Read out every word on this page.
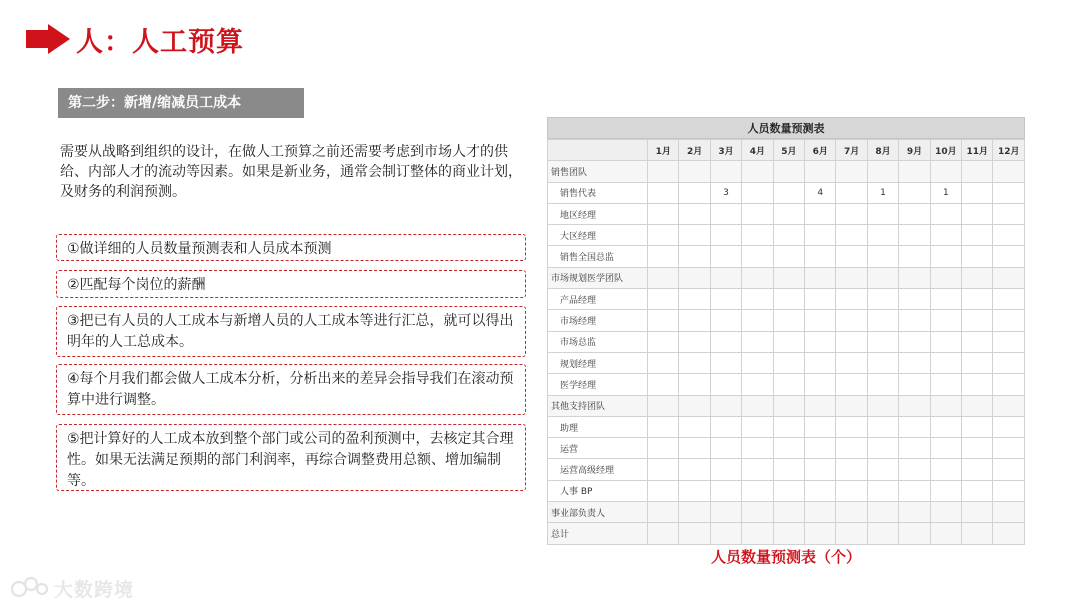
人：人工预算
第二步：新增/缩减员工成本
需要从战略到组织的设计，在做人工预算之前还需要考虑到市场人才的供给、内部人才的流动等因素。如果是新业务，通常会制订整体的商业计划，及财务的利润预测。
①做详细的人员数量预测表和人员成本预测
②匹配每个岗位的薪酬
③把已有人员的人工成本与新增人员的人工成本等进行汇总，就可以得出明年的人工总成本。
④每个月我们都会做人工成本分析，分析出来的差异会指导我们在滚动预算中进行调整。
⑤把计算好的人工成本放到整个部门或公司的盈利预测中，去核定其合理性。如果无法满足预期的部门利润率，再综合调整费用总额、增加编制等。
人员数量预测表
	1月	2月	3月	4月	5月	6月	7月	8月	9月	10月	11月	12月
销售团队												
销售代表			3			4		1		1		
地区经理												
大区经理												
销售全国总监												
市场规划医学团队												
产品经理												
市场经理												
市场总监												
规划经理												
医学经理												
其他支持团队												
助理												
运营												
运营高级经理												
人事 BP												
事业部负责人												
总计												
人员数量预测表（个）
大数跨境
